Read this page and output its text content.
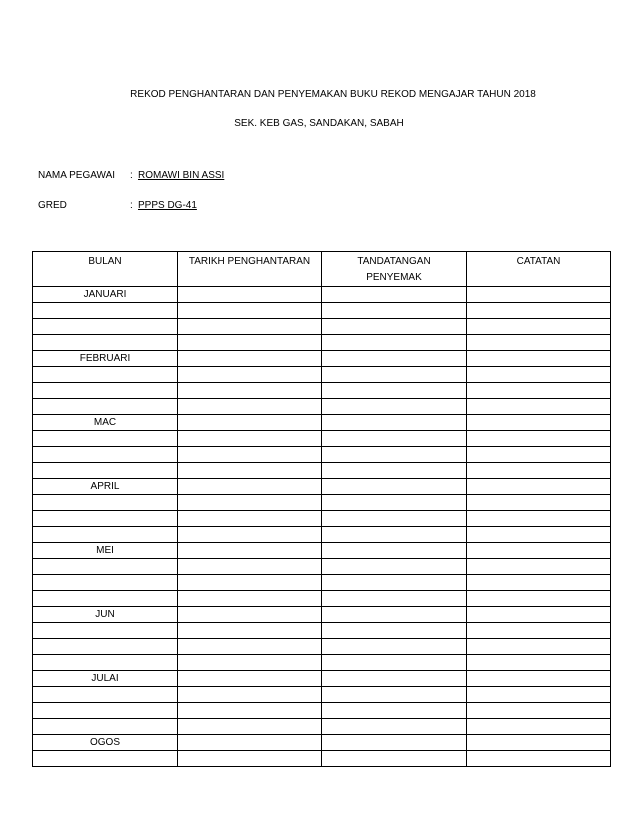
REKOD PENGHANTARAN DAN PENYEMAKAN BUKU REKOD MENGAJAR TAHUN 2018
SEK. KEB GAS, SANDAKAN, SABAH
NAMA PEGAWAI : ROMAWI BIN ASSI
GRED	: PPPS DG-41
BULAN	TARIKH PENGHANTARAN	TANDATANGAN PENYEMAK	CATATAN
JANUARI			

FEBRUARI			

MAC			

APRIL			

MEI			

JUN			

JULAI			

OGOS			
